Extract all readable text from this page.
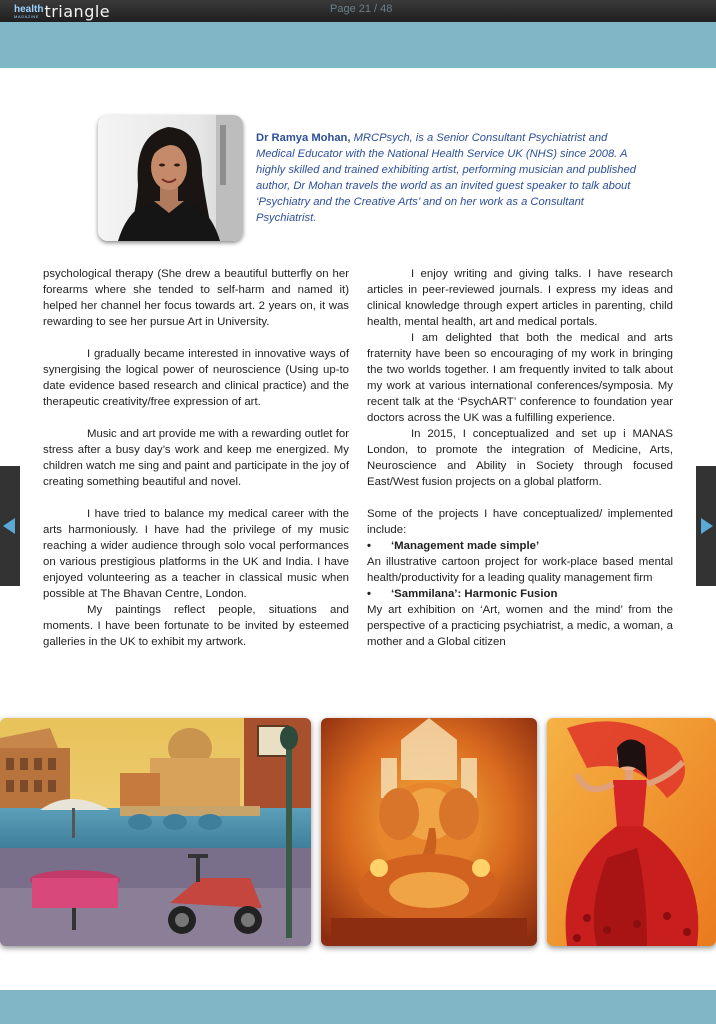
health
MAGAZINE triangle	Page 21 / 48
Dr Ramya Mohan, MRCPsych, is a Senior Consultant Psychiatrist and Medical Educator with the National Health Service UK (NHS) since 2008. A highly skilled and trained exhibiting artist, performing musician and published author, Dr Mohan travels the world as an invited guest speaker to talk about ‘Psychiatry and the Creative Arts’ and on her work as a Consultant Psychiatrist.

psychological therapy (She drew a beautiful butterfly on her forearms where she tended to self-harm and named it) helped her channel her focus towards art. 2 years on, it was rewarding to see her pursue Art in University.

I gradually became interested in innovative ways of synergising the logical power of neuroscience (Using up-to date evidence based research and clinical practice) and the therapeutic creativity/free expression of art.

Music and art provide me with a rewarding outlet for stress after a busy day’s work and keep me energized. My children watch me sing and paint and participate in the joy of creating something beautiful and novel.

I have tried to balance my medical career with the arts harmoniously. I have had the privilege of my music reaching a wider audience through solo vocal performances on various prestigious platforms in the UK and India. I have enjoyed volunteering as a teacher in classical music when possible at The Bhavan Centre, London.

My paintings reflect people, situations and moments. I have been fortunate to be invited by esteemed galleries in the UK to exhibit my artwork.

I enjoy writing and giving talks. I have research articles in peer-reviewed journals. I express my ideas and clinical knowledge through expert articles in parenting, child health, mental health, art and medical portals.

I am delighted that both the medical and arts fraternity have been so encouraging of my work in bringing the two worlds together. I am frequently invited to talk about my work at various international conferences/symposia. My recent talk at the ‘PsychART’ conference to foundation year doctors across the UK was a fulfilling experience.

In 2015, I conceptualized and set up i MANAS London, to promote the integration of Medicine, Arts, Neuroscience and Ability in Society through focused East/West fusion projects on a global platform.

Some of the projects I have conceptualized/ implemented include:

•	‘Management made simple’

An illustrative cartoon project for work-place based mental health/productivity for a leading quality management firm

•	‘Sammilana’: Harmonic Fusion

My art exhibition on ‘Art, women and the mind’ from the perspective of a practicing psychiatrist, a medic, a woman, a mother and a Global citizen
